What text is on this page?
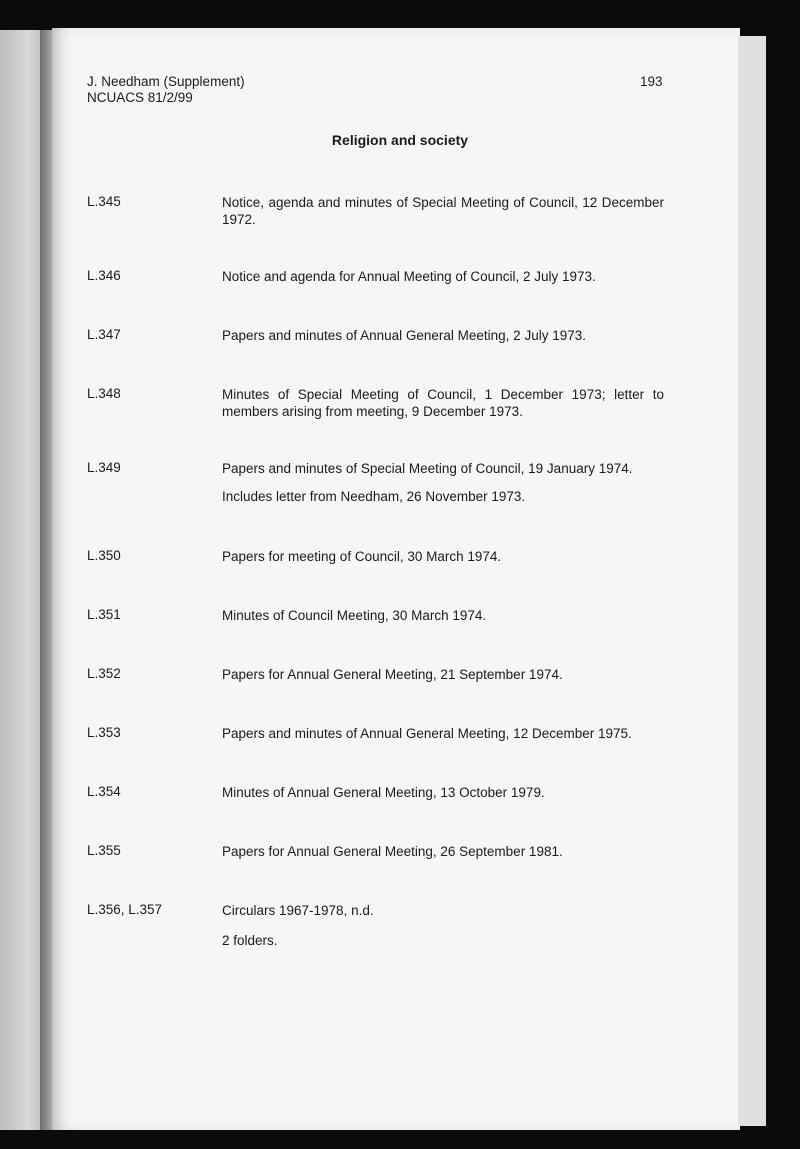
J. Needham (Supplement)
NCUACS 81/2/99
193
Religion and society
L.345	Notice, agenda and minutes of Special Meeting of Council, 12 December 1972.
L.346	Notice and agenda for Annual Meeting of Council, 2 July 1973.
L.347	Papers and minutes of Annual General Meeting, 2 July 1973.
L.348	Minutes of Special Meeting of Council, 1 December 1973; letter to members arising from meeting, 9 December 1973.
L.349	Papers and minutes of Special Meeting of Council, 19 January 1974.
Includes letter from Needham, 26 November 1973.
L.350	Papers for meeting of Council, 30 March 1974.
L.351	Minutes of Council Meeting, 30 March 1974.
L.352	Papers for Annual General Meeting, 21 September 1974.
L.353	Papers and minutes of Annual General Meeting, 12 December 1975.
L.354	Minutes of Annual General Meeting, 13 October 1979.
L.355	Papers for Annual General Meeting, 26 September 1981.
L.356, L.357	Circulars 1967-1978, n.d.
2 folders.
